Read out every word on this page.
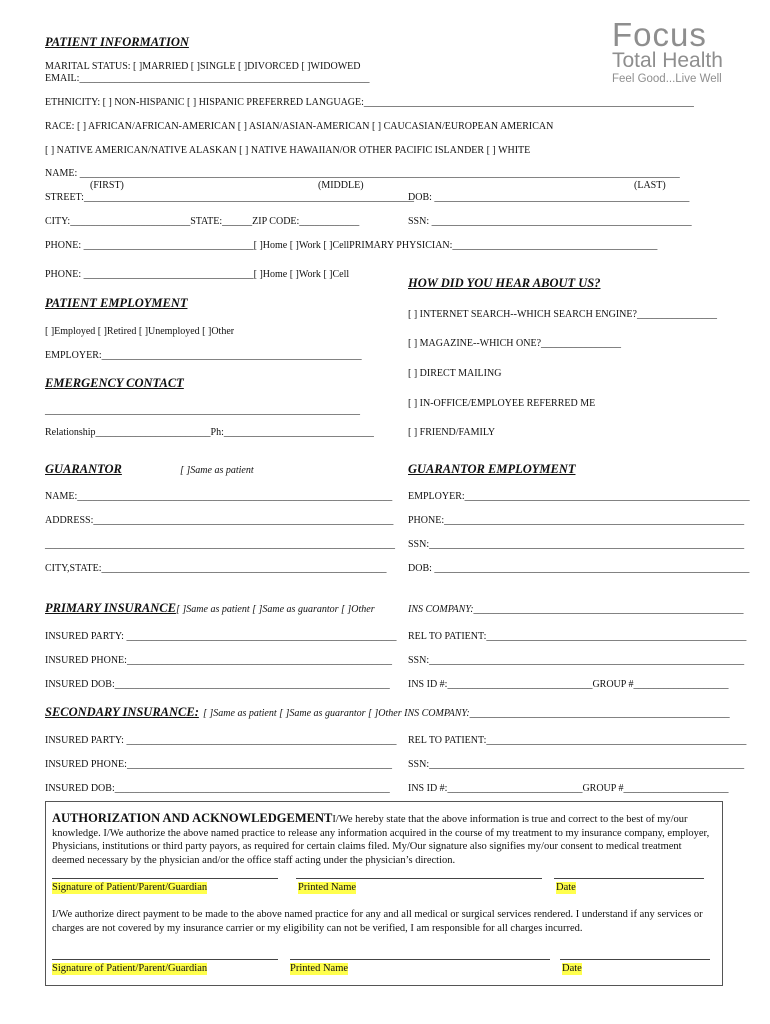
Focus
Total Health
Feel Good...Live Well
PATIENT INFORMATION
MARITAL STATUS: [ ]MARRIED [ ]SINGLE [ ]DIVORCED [ ]WIDOWED
EMAIL:__________________________________________________________
ETHNICITY: [ ] NON-HISPANIC [ ] HISPANIC PREFERRED LANGUAGE:__________________________________________________________________
RACE: [ ] AFRICAN/AFRICAN-AMERICAN [ ] ASIAN/ASIAN-AMERICAN [ ] CAUCASIAN/EUROPEAN AMERICAN
[ ] NATIVE AMERICAN/NATIVE ALASKAN [ ] NATIVE HAWAIIAN/OR OTHER PACIFIC ISLANDER [ ] WHITE
NAME: ________________________________________________________________________________________________________________________
(FIRST)	(MIDDLE)	(LAST)
STREET:__________________________________________________________________
DOB: ___________________________________________________
CITY:________________________STATE:______ZIP CODE:____________	SSN: ____________________________________________________
PHONE: __________________________________[ ]Home [ ]Work [ ]CellPRIMARY PHYSICIAN:_________________________________________
PHONE: __________________________________[ ]Home [ ]Work [ ]Cell
HOW DID YOU HEAR ABOUT US?
[ ] INTERNET SEARCH--WHICH SEARCH ENGINE?________________
[ ] MAGAZINE--WHICH ONE?________________
[ ] DIRECT MAILING
[ ] IN-OFFICE/EMPLOYEE REFERRED ME
[ ] FRIEND/FAMILY
PATIENT EMPLOYMENT
[ ]Employed [ ]Retired [ ]Unemployed [ ]Other
EMPLOYER:____________________________________________________
EMERGENCY CONTACT
_______________________________________________________________
Relationship_______________________Ph:______________________________
GUARANTOR	[ ]Same as patient
NAME:_______________________________________________________________
ADDRESS:____________________________________________________________
______________________________________________________________________
CITY,STATE:_________________________________________________________
GUARANTOR EMPLOYMENT
EMPLOYER:_________________________________________________________
PHONE:____________________________________________________________
SSN:_______________________________________________________________
DOB: _______________________________________________________________
PRIMARY INSURANCE [ ]Same as patient [ ]Same as guarantor [ ]Other	INS COMPANY:______________________________________________________
INSURED PARTY: ______________________________________________________ REL TO PATIENT:____________________________________________________
INSURED PHONE:_____________________________________________________ SSN:_______________________________________________________________
INSURED DOB:_______________________________________________________ INS ID #:_____________________________GROUP #___________________
SECONDARY INSURANCE: [ ]Same as patient [ ]Same as guarantor [ ]Other INS COMPANY:____________________________________________________
INSURED PARTY: ______________________________________________________ REL TO PATIENT:____________________________________________________
INSURED PHONE:_____________________________________________________ SSN:_______________________________________________________________
INSURED DOB:_______________________________________________________ INS ID #:___________________________GROUP #_____________________
AUTHORIZATION AND ACKNOWLEDGEMENTI/We hereby state that the above information is true and correct to the best of my/our knowledge. I/We authorize the above named practice to release any information acquired in the course of my treatment to my insurance company, employer, Physicians, institutions or third party payors, as required for certain claims filed. My/Our signature also signifies my/our consent to medical treatment deemed necessary by the physician and/or the office staff acting under the physician’s direction.
Signature of Patient/Parent/Guardian	Printed Name	Date
I/We authorize direct payment to be made to the above named practice for any and all medical or surgical services rendered. I understand if any services or charges are not covered by my insurance carrier or my eligibility can not be verified, I am responsible for all charges incurred.
Signature of Patient/Parent/Guardian	Printed Name	Date
